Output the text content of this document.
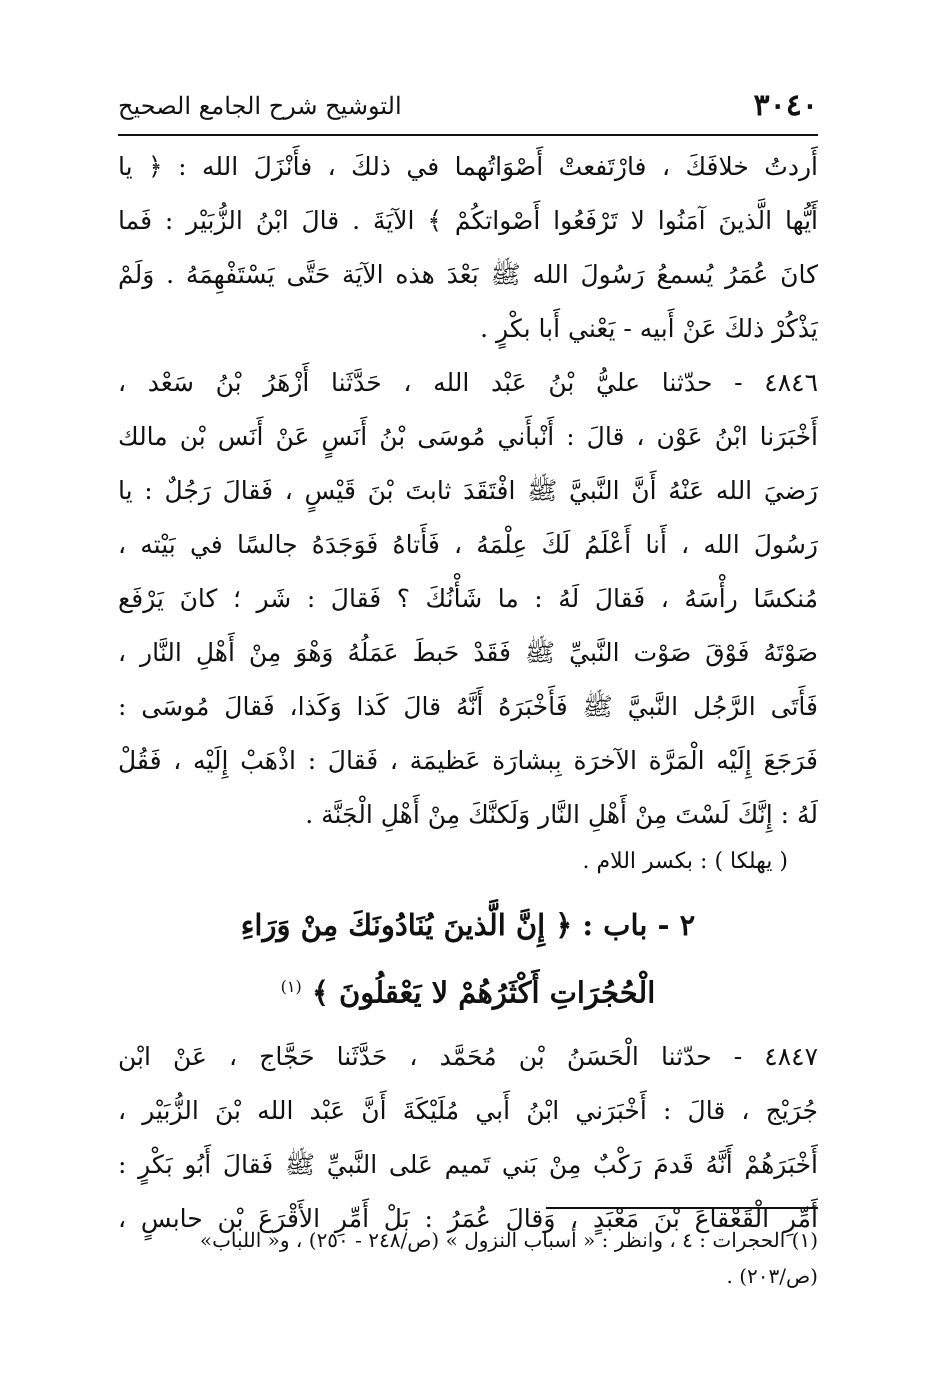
٣٠٤٠
التوشيح شرح الجامع الصحيح
أَردتُ خلافَكَ ، فارْتَفعتْ أَصْوَاتُهما في ذلكَ ، فأَنْزَلَ الله : ﴿ يا
أَيُّها الَّذينَ آمَنُوا لا تَرْفَعُوا أَصْواتكُمْ ﴾ الآيَةَ . قالَ ابْنُ الزُّبَيْر : فَما
كانَ عُمَرُ يُسمعُ رَسُولَ الله ﷺ بَعْدَ هذه الآيَة حَتَّى يَسْتَفْهِمَهُ . وَلَمْ
يَذْكُرْ ذلكَ عَنْ أَبيه - يَعْني أَبا بكْرٍ .
٤٨٤٦ - حدّثنا عليُّ بْنُ عَبْد الله ، حَدَّثَنا أَزْهَرُ بْنُ سَعْد ،
أَخْبَرَنا ابْنُ عَوْن ، قالَ : أَنْبأَني مُوسَى بْنُ أَنَسٍ عَنْ أَنَس بْن مالك
رَضيَ الله عَنْهُ أَنَّ النَّبيَّ ﷺ افْتَقَدَ ثابتَ بْنَ قَيْسٍ ، فَقالَ رَجُلٌ : يا
رَسُولَ الله ، أَنا أَعْلَمُ لَكَ عِلْمَهُ ، فَأَتاهُ فَوَجَدَهُ جالسًا في بَيْته ،
مُنكسًا رأْسَهُ ، فَقالَ لَهُ : ما شَأْنُكَ ؟ فَقالَ : شَر ؛ كانَ يَرْفَع
صَوْتَهُ فَوْقَ صَوْت النَّبيِّ ﷺ فَقَدْ حَبطَ عَمَلُهُ وَهْوَ مِنْ أَهْلِ النَّار ،
فَأَتَى الرَّجُل النَّبيَّ ﷺ فَأَخْبَرَهُ أَنَّهُ قالَ كَذا وَكَذا، فَقالَ مُوسَى :
فَرَجَعَ إِلَيْه الْمَرَّة الآخرَة بِبشارَة عَظيمَة ، فَقالَ : اذْهَبْ إِلَيْه ، فَقُلْ
لَهُ : إِنَّكَ لَسْتَ مِنْ أَهْلِ النَّار وَلَكنَّكَ مِنْ أَهْلِ الْجَنَّة .
( يهلكا ) : بكسر اللام .
٢ - باب : ﴿ إِنَّ الَّذينَ يُنَادُونَكَ مِنْ وَرَاءِ
الْحُجُرَاتِ أَكْثَرُهُمْ لا يَعْقلُونَ ﴾ $^{(١)}$
٤٨٤٧ - حدّثنا الْحَسَنُ بْن مُحَمَّد ، حَدَّثَنا حَجَّاج ، عَنْ ابْن
جُرَيْج ، قالَ : أَخْبَرَني ابْنُ أَبي مُلَيْكَةَ أَنَّ عَبْد الله بْنَ الزُّبَيْر ،
أَخْبَرَهُمْ أَنَّهُ قَدمَ رَكْبٌ مِنْ بَني تَميم عَلى النَّبيِّ ﷺ فَقالَ أَبُو بَكْرٍ :
أَمِّرِ الْقَعْقاعَ بْنَ مَعْبَدٍ ، وَقالَ عُمَرُ : بَلْ أَمِّرِ الأَقْرَعَ بْن حابسٍ ،
(١) الحجرات : ٤ ، وانظر : « أسباب النزول » (ص/٢٤٨ - ٢٥٠) ، و« اللباب»
(ص/٢٠٣) .
